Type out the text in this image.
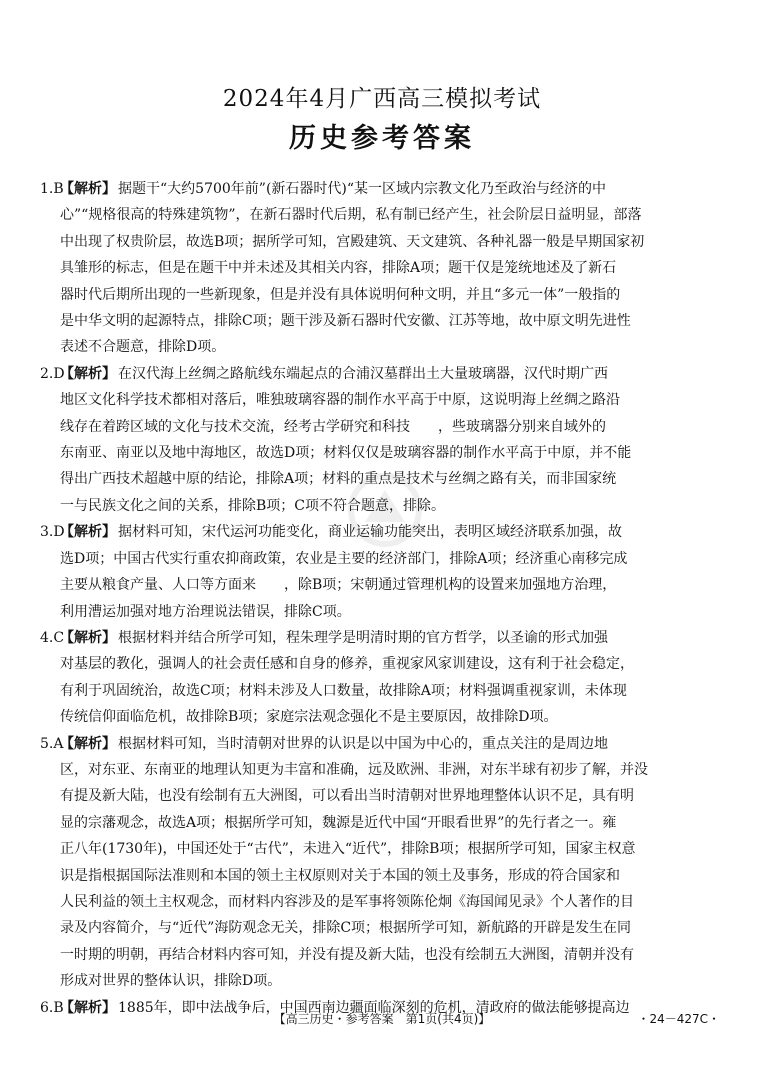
2024年4月广西高三模拟考试
历史参考答案

1.B【解析】 据题干“大约5700年前”(新石器时代)“某一区域内宗教文化乃至政治与经济的中

心”“规格很高的特殊建筑物”，在新石器时代后期，私有制已经产生，社会阶层日益明显，部落

中出现了权贵阶层，故选B项；据所学可知，宫殿建筑、天文建筑、各种礼器一般是早期国家初

具雏形的标志，但是在题干中并未述及其相关内容，排除A项；题干仅是笼统地述及了新石

器时代后期所出现的一些新现象，但是并没有具体说明何种文明，并且“多元一体”一般指的

是中华文明的起源特点，排除C项；题干涉及新石器时代安徽、江苏等地，故中原文明先进性

表述不合题意，排除D项。

2.D【解析】 在汉代海上丝绸之路航线东端起点的合浦汉墓群出土大量玻璃器，汉代时期广西

地区文化科学技术都相对落后，唯独玻璃容器的制作水平高于中原，这说明海上丝绸之路沿

线存在着跨区域的文化与技术交流，经考古学研究和科技　　，些玻璃器分别来自域外的

东南亚、南亚以及地中海地区，故选D项；材料仅仅是玻璃容器的制作水平高于中原，并不能

得出广西技术超越中原的结论，排除A项；材料的重点是技术与丝绸之路有关，而非国家统

一与民族文化之间的关系，排除B项；C项不符合题意，排除。

3.D【解析】 据材料可知，宋代运河功能变化，商业运输功能突出，表明区域经济联系加强，故

选D项；中国古代实行重农抑商政策，农业是主要的经济部门，排除A项；经济重心南移完成

主要从粮食产量、人口等方面来　　，除B项；宋朝通过管理机构的设置来加强地方治理，

利用漕运加强对地方治理说法错误，排除C项。

4.C【解析】 根据材料并结合所学可知，程朱理学是明清时期的官方哲学，以圣谕的形式加强

对基层的教化，强调人的社会责任感和自身的修养，重视家风家训建设，这有利于社会稳定，

有利于巩固统治，故选C项；材料未涉及人口数量，故排除A项；材料强调重视家训，未体现

传统信仰面临危机，故排除B项；家庭宗法观念强化不是主要原因，故排除D项。

5.A【解析】 根据材料可知，当时清朝对世界的认识是以中国为中心的，重点关注的是周边地

区，对东亚、东南亚的地理认知更为丰富和准确，远及欧洲、非洲，对东半球有初步了解，并没

有提及新大陆，也没有绘制有五大洲图，可以看出当时清朝对世界地理整体认识不足，具有明

显的宗藩观念，故选A项；根据所学可知，魏源是近代中国“开眼看世界”的先行者之一。雍

正八年(1730年)，中国还处于“古代”，未进入“近代”，排除B项；根据所学可知，国家主权意

识是指根据国际法准则和本国的领土主权原则对关于本国的领土及事务，形成的符合国家和

人民利益的领土主权观念，而材料内容涉及的是军事将领陈伦炯《海国闻见录》个人著作的目

录及内容简介，与“近代”海防观念无关，排除C项；根据所学可知，新航路的开辟是发生在同

一时期的明朝，再结合材料内容可知，并没有提及新大陆，也没有绘制五大洲图，清朝并没有

形成对世界的整体认识，排除D项。

6.B【解析】 1885年，即中法战争后，中国西南边疆面临深刻的危机，清政府的做法能够提高边

【高三历史・参考答案　第1页(共4页)】	・24－427C・
